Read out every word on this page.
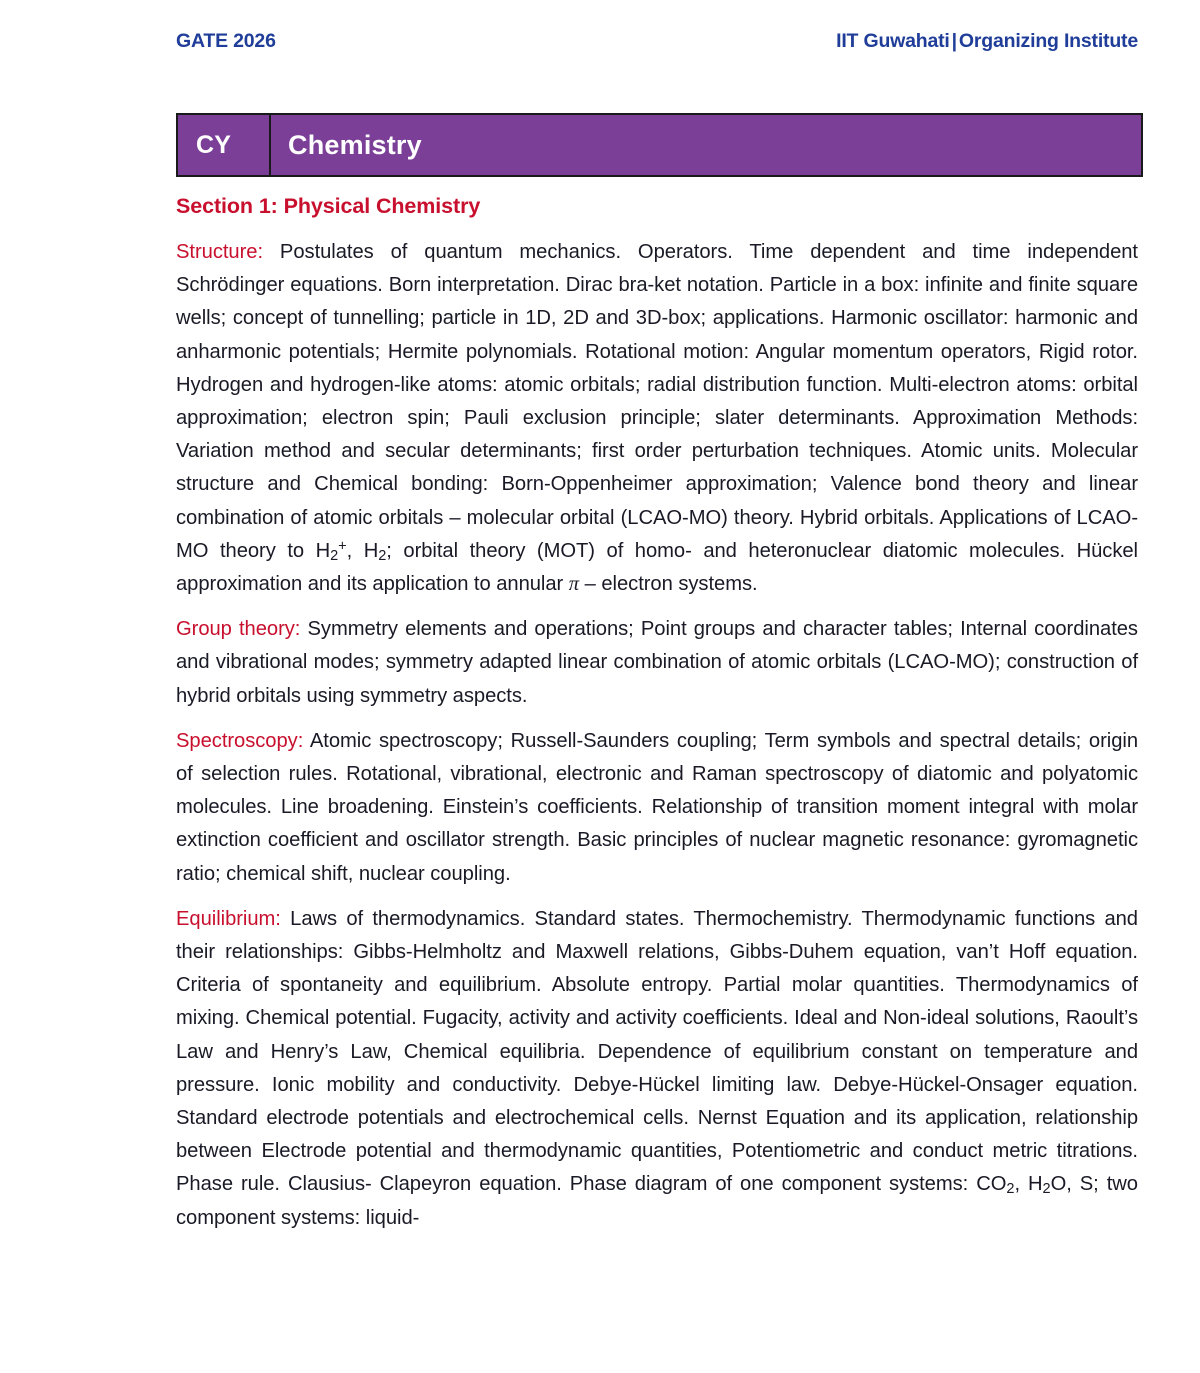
GATE 2026	IIT Guwahati | Organizing Institute
CY Chemistry
Section 1: Physical Chemistry

Structure: Postulates of quantum mechanics. Operators. Time dependent and time independent Schrödinger equations. Born interpretation. Dirac bra-ket notation. Particle in a box: infinite and finite square wells; concept of tunnelling; particle in 1D, 2D and 3D-box; applications. Harmonic oscillator: harmonic and anharmonic potentials; Hermite polynomials. Rotational motion: Angular momentum operators, Rigid rotor. Hydrogen and hydrogen-like atoms: atomic orbitals; radial distribution function. Multi-electron atoms: orbital approximation; electron spin; Pauli exclusion principle; slater determinants. Approximation Methods: Variation method and secular determinants; first order perturbation techniques. Atomic units. Molecular structure and Chemical bonding: Born-Oppenheimer approximation; Valence bond theory and linear combination of atomic orbitals – molecular orbital (LCAO-MO) theory. Hybrid orbitals. Applications of LCAO-MO theory to $H_2^+$, $H_2$; orbital theory (MOT) of homo- and heteronuclear diatomic molecules. Hückel approximation and its application to annular π – electron systems.

Group theory: Symmetry elements and operations; Point groups and character tables; Internal coordinates and vibrational modes; symmetry adapted linear combination of atomic orbitals (LCAO-MO); construction of hybrid orbitals using symmetry aspects.

Spectroscopy: Atomic spectroscopy; Russell-Saunders coupling; Term symbols and spectral details; origin of selection rules. Rotational, vibrational, electronic and Raman spectroscopy of diatomic and polyatomic molecules. Line broadening. Einstein’s coefficients. Relationship of transition moment integral with molar extinction coefficient and oscillator strength. Basic principles of nuclear magnetic resonance: gyromagnetic ratio; chemical shift, nuclear coupling.

Equilibrium: Laws of thermodynamics. Standard states. Thermochemistry. Thermodynamic functions and their relationships: Gibbs-Helmholtz and Maxwell relations, Gibbs-Duhem equation, van’t Hoff equation. Criteria of spontaneity and equilibrium. Absolute entropy. Partial molar quantities. Thermodynamics of mixing. Chemical potential. Fugacity, activity and activity coefficients. Ideal and Non-ideal solutions, Raoult’s Law and Henry’s Law, Chemical equilibria. Dependence of equilibrium constant on temperature and pressure. Ionic mobility and conductivity. Debye-Hückel limiting law. Debye-Hückel-Onsager equation. Standard electrode potentials and electrochemical cells. Nernst Equation and its application, relationship between Electrode potential and thermodynamic quantities, Potentiometric and conduct metric titrations. Phase rule. Clausius- Clapeyron equation. Phase diagram of one component systems: $CO_2$, $H_2O$, S; two component systems: liquid-
